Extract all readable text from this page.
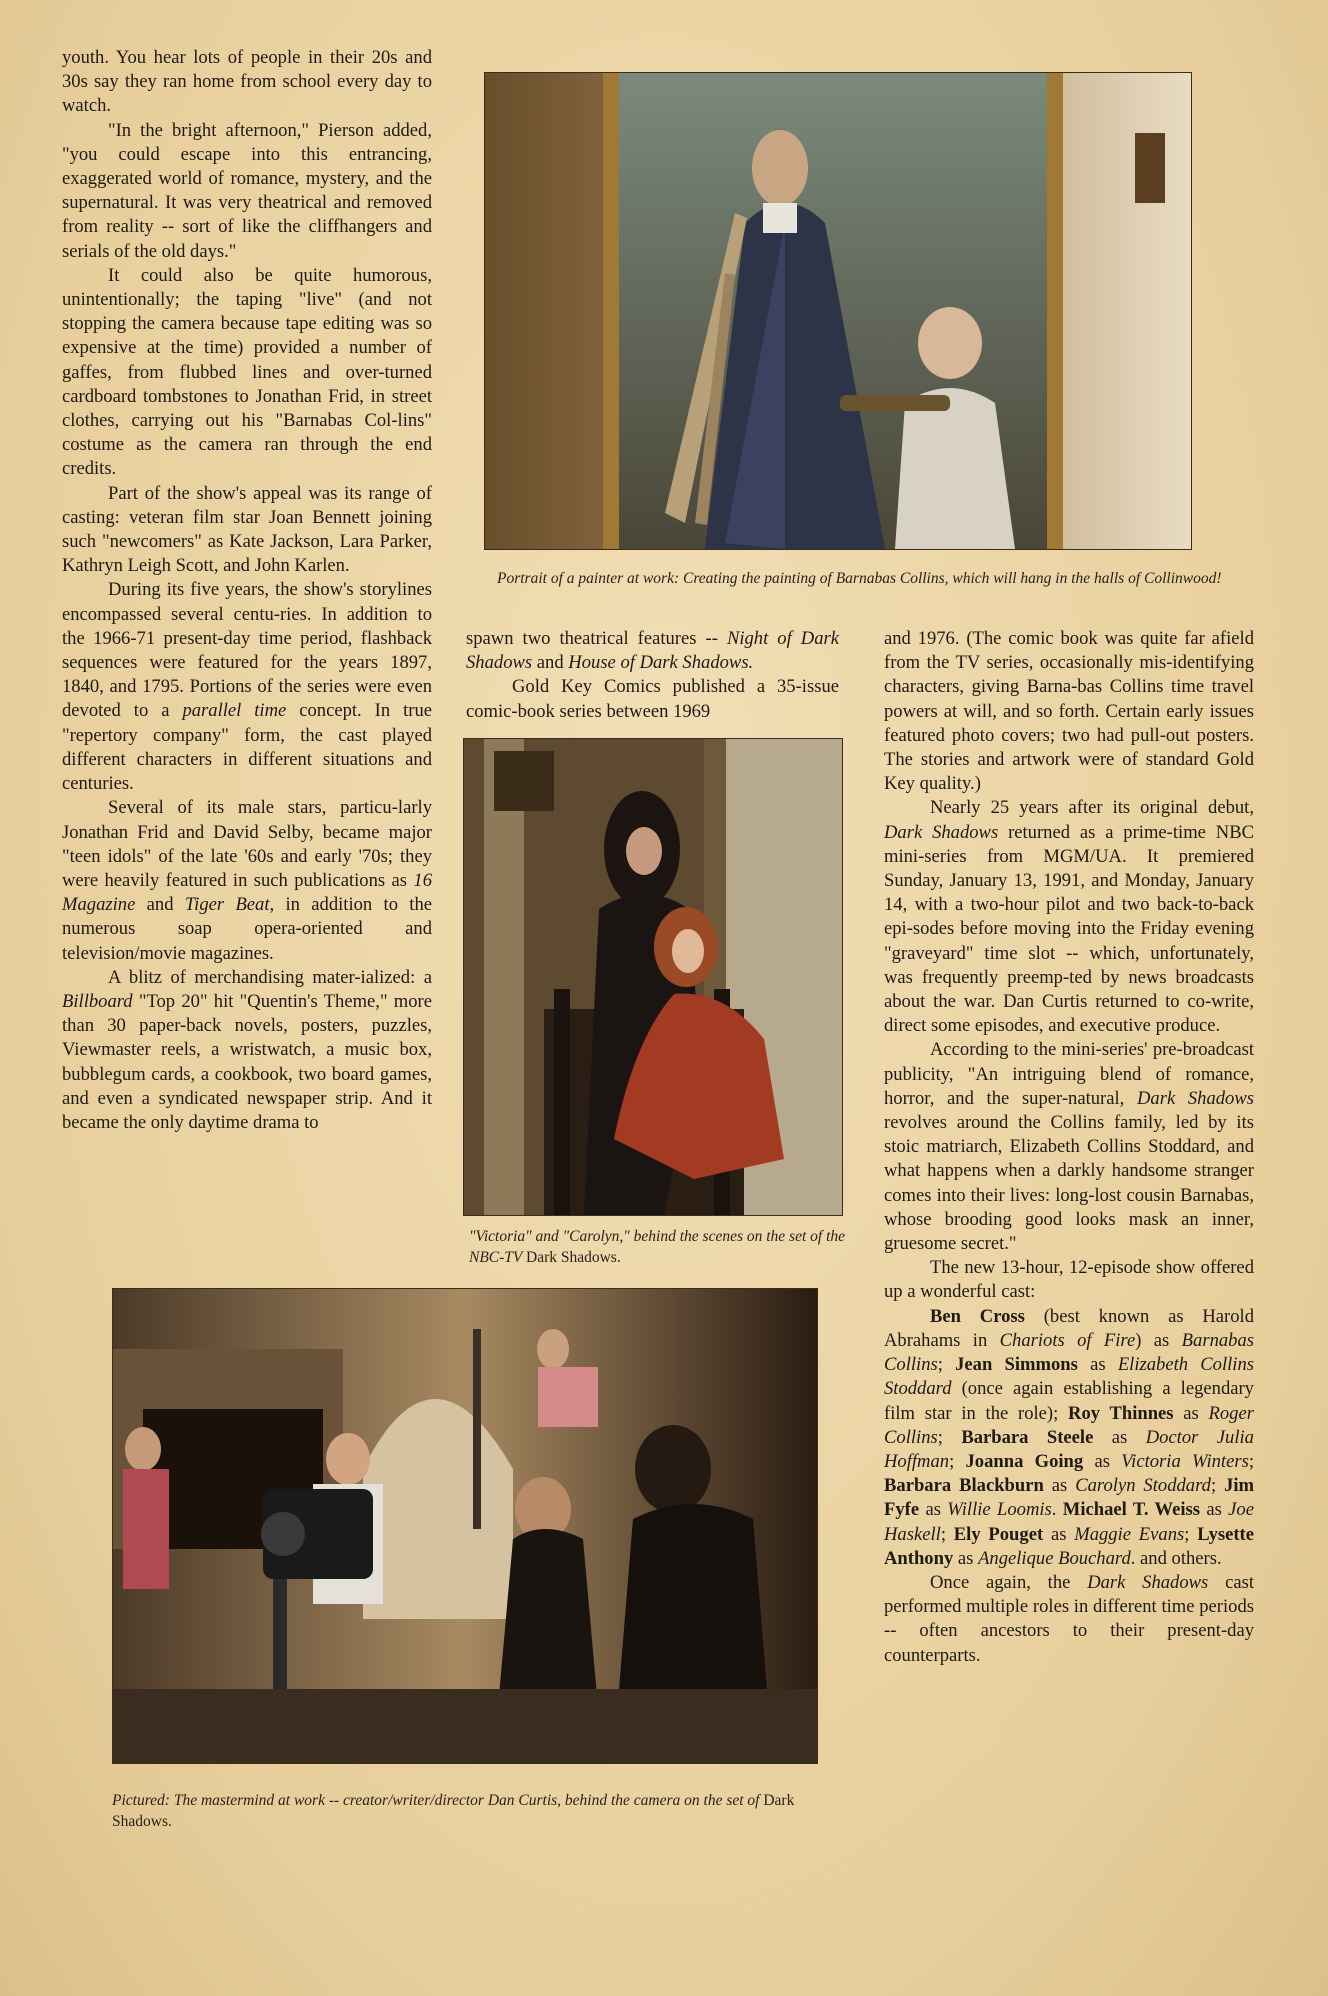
youth. You hear lots of people in their 20s and 30s say they ran home from school every day to watch.

"In the bright afternoon," Pierson added, "you could escape into this entrancing, exaggerated world of romance, mystery, and the supernatural. It was very theatrical and removed from reality -- sort of like the cliffhangers and serials of the old days."

It could also be quite humorous, unintentionally; the taping "live" (and not stopping the camera because tape editing was so expensive at the time) provided a number of gaffes, from flubbed lines and over-turned cardboard tombstones to Jonathan Frid, in street clothes, carrying out his "Barnabas Col-lins" costume as the camera ran through the end credits.

Part of the show's appeal was its range of casting: veteran film star Joan Bennett joining such "newcomers" as Kate Jackson, Lara Parker, Kathryn Leigh Scott, and John Karlen.

During its five years, the show's storylines encompassed several centu-ries. In addition to the 1966-71 present-day time period, flashback sequences were featured for the years 1897, 1840, and 1795. Portions of the series were even devoted to a parallel time concept. In true "repertory company" form, the cast played different characters in different situations and centuries.

Several of its male stars, particu-larly Jonathan Frid and David Selby, became major "teen idols" of the late '60s and early '70s; they were heavily featured in such publications as 16 Magazine and Tiger Beat, in addition to the numerous soap opera-oriented and television/movie magazines.

A blitz of merchandising mater-ialized: a Billboard "Top 20" hit "Quentin's Theme," more than 30 paper-back novels, posters, puzzles, Viewmaster reels, a wristwatch, a music box, bubblegum cards, a cookbook, two board games, and even a syndicated newspaper strip. And it became the only daytime drama to

Portrait of a painter at work: Creating the painting of Barnabas Collins, which will hang in the halls of Collinwood!

spawn two theatrical features -- Night of Dark Shadows and House of Dark Shadows.

Gold Key Comics published a 35-issue comic-book series between 1969

"Victoria" and "Carolyn," behind the scenes on the set of the NBC-TV Dark Shadows.

and 1976. (The comic book was quite far afield from the TV series, occasionally mis-identifying characters, giving Barna-bas Collins time travel powers at will, and so forth. Certain early issues featured photo covers; two had pull-out posters. The stories and artwork were of standard Gold Key quality.)

Nearly 25 years after its original debut, Dark Shadows returned as a prime-time NBC mini-series from MGM/UA. It premiered Sunday, January 13, 1991, and Monday, January 14, with a two-hour pilot and two back-to-back epi-sodes before moving into the Friday evening "graveyard" time slot -- which, unfortunately, was frequently preemp-ted by news broadcasts about the war. Dan Curtis returned to co-write, direct some episodes, and executive produce.

According to the mini-series' pre-broadcast publicity, "An intriguing blend of romance, horror, and the super-natural, Dark Shadows revolves around the Collins family, led by its stoic matriarch, Elizabeth Collins Stoddard, and what happens when a darkly handsome stranger comes into their lives: long-lost cousin Barnabas, whose brooding good looks mask an inner, gruesome secret."

The new 13-hour, 12-episode show offered up a wonderful cast:

Ben Cross (best known as Harold Abrahams in Chariots of Fire) as Barnabas Collins; Jean Simmons as Elizabeth Collins Stoddard (once again establishing a legendary film star in the role); Roy Thinnes as Roger Collins; Barbara Steele as Doctor Julia Hoffman; Joanna Going as Victoria Winters; Barbara Blackburn as Carolyn Stoddard; Jim Fyfe as Willie Loomis. Michael T. Weiss as Joe Haskell; Ely Pouget as Maggie Evans; Lysette Anthony as Angelique Bouchard. and others.

Once again, the Dark Shadows cast performed multiple roles in different time periods -- often ancestors to their present-day counterparts.

Pictured: The mastermind at work -- creator/writer/director Dan Curtis, behind the camera on the set of Dark Shadows.
